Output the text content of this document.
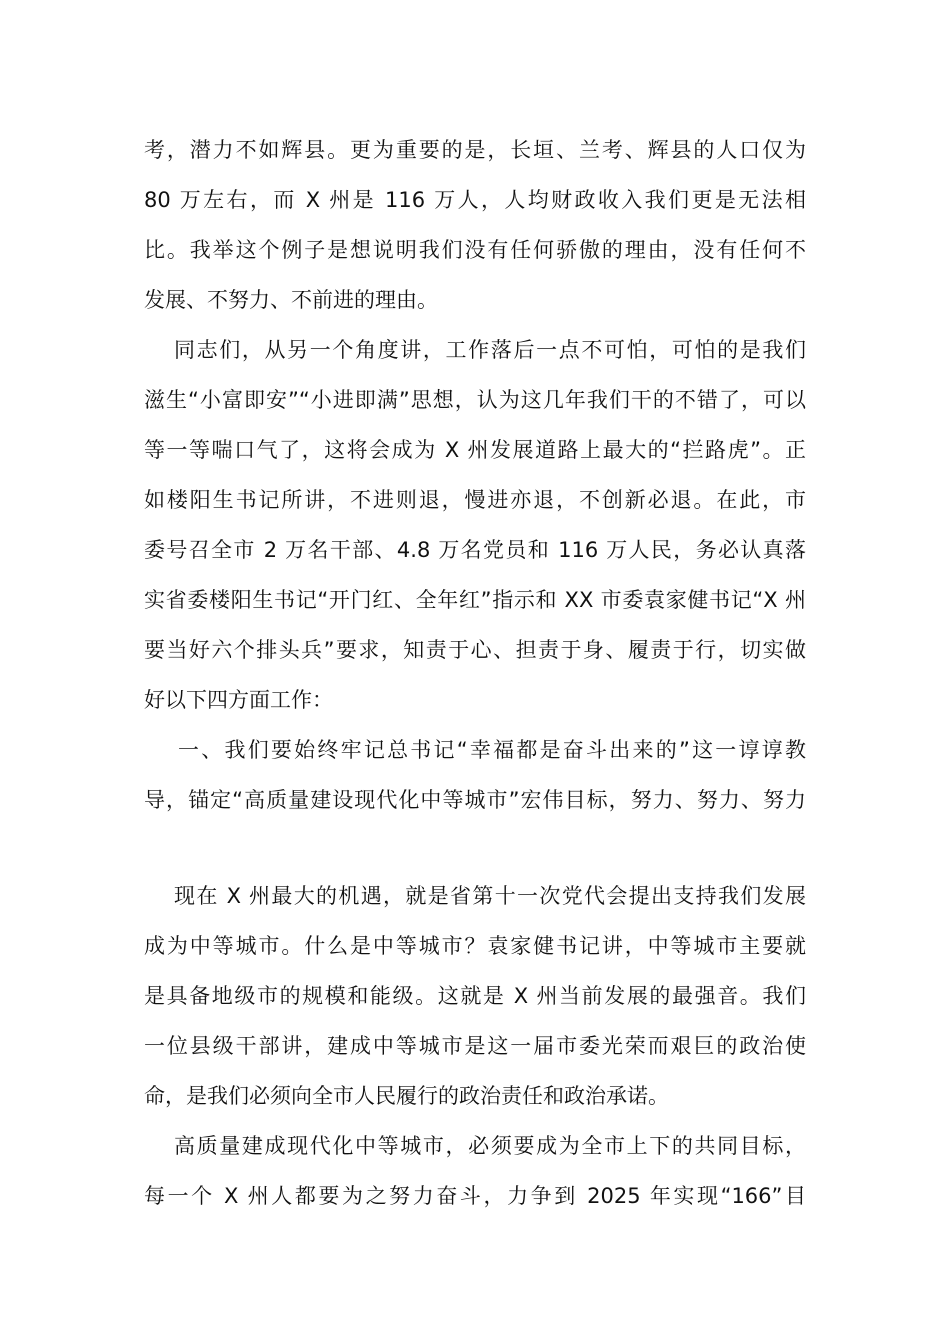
考，潜力不如辉县。更为重要的是，长垣、兰考、辉县的人口仅为
80 万左右，而 X 州是 116 万人，人均财政收入我们更是无法相
比。我举这个例子是想说明我们没有任何骄傲的理由，没有任何不
发展、不努力、不前进的理由。
同志们，从另一个角度讲，工作落后一点不可怕，可怕的是我们
滋生“小富即安”“小进即满”思想，认为这几年我们干的不错了，可以
等一等喘口气了，这将会成为 X 州发展道路上最大的“拦路虎”。正
如楼阳生书记所讲，不进则退，慢进亦退，不创新必退。在此，市
委号召全市 2 万名干部、4.8 万名党员和 116 万人民，务必认真落
实省委楼阳生书记“开门红、全年红”指示和 XX 市委袁家健书记“X 州
要当好六个排头兵”要求，知责于心、担责于身、履责于行，切实做
好以下四方面工作：
一、我们要始终牢记总书记“幸福都是奋斗出来的”这一谆谆教
导，锚定“高质量建设现代化中等城市”宏伟目标，努力、努力、努力
现在 X 州最大的机遇，就是省第十一次党代会提出支持我们发展
成为中等城市。什么是中等城市？袁家健书记讲，中等城市主要就
是具备地级市的规模和能级。这就是 X 州当前发展的最强音。我们
一位县级干部讲，建成中等城市是这一届市委光荣而艰巨的政治使
命，是我们必须向全市人民履行的政治责任和政治承诺。
高质量建成现代化中等城市，必须要成为全市上下的共同目标，
每一个 X 州人都要为之努力奋斗，力争到 2025 年实现“166”目
